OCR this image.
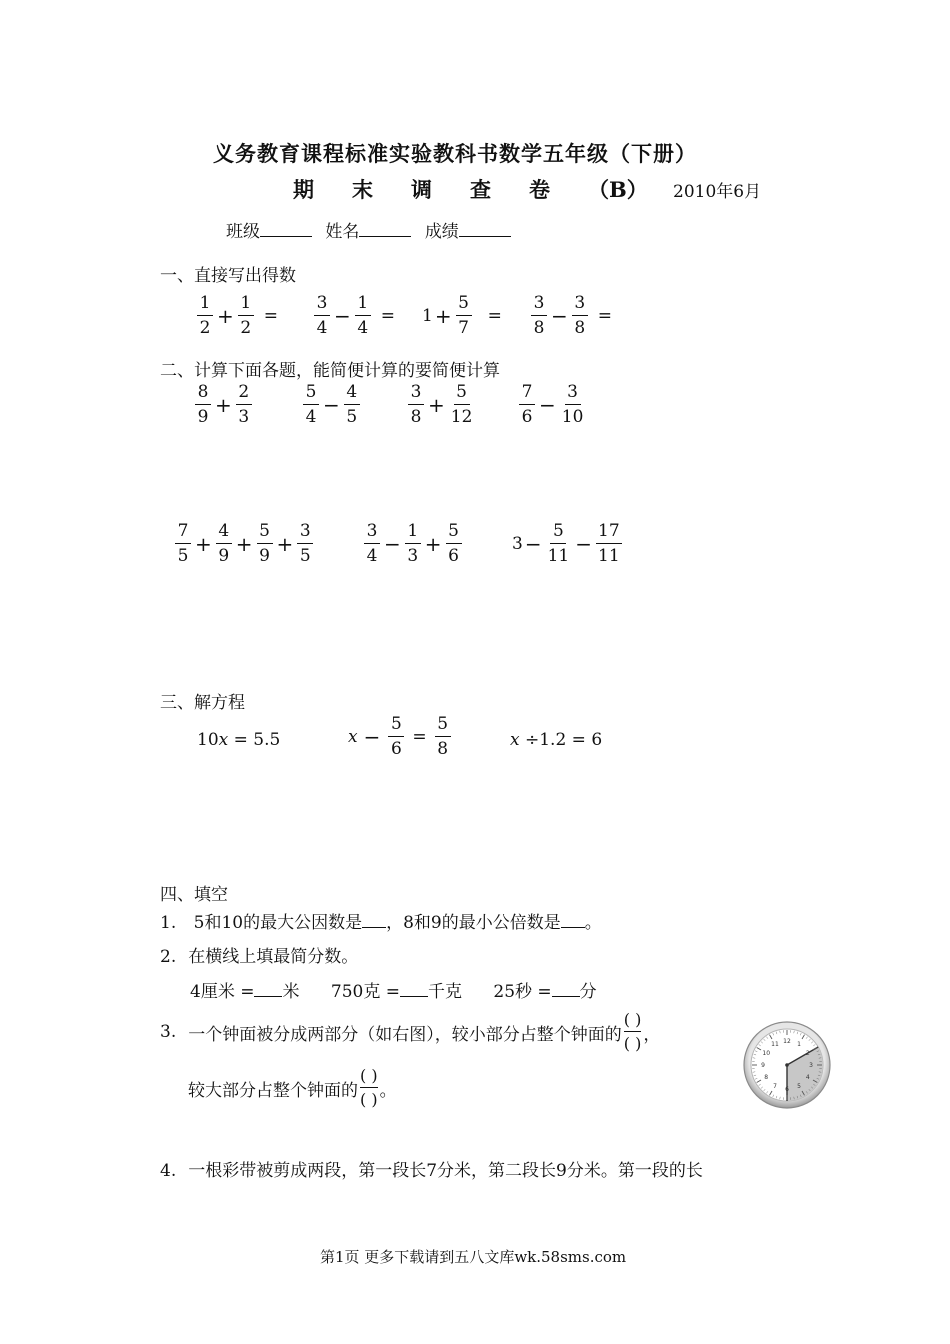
义务教育课程标准实验教科书数学五年级（下册）
期 末 调 查 卷 （B） 2010年6月
班级	姓名	成绩
一、直接写出得数
$\frac{1}{2} + \frac{1}{2} = \frac{3}{4} - \frac{1}{4} = 1 + \frac{5}{7} = \frac{3}{8} - \frac{3}{8}$ =
二、计算下面各题，能简便计算的要简便计算
$\frac{8}{9} + \frac{2}{3}$	$\frac{5}{4} - \frac{4}{5}$	$\frac{3}{8} + \frac{5}{12}$	$\frac{7}{6} - \frac{3}{10}$
$\frac{7}{5} + \frac{4}{9} + \frac{5}{9} + \frac{3}{5}$	$\frac{3}{4} - \frac{1}{3} + \frac{5}{6}$	$3 - \frac{5}{11} - \frac{17}{11}$
三、解方程
10x = 5.5	$x - \frac{5}{6} = \frac{5}{8}$	x ÷1.2 = 6
四、填空
1. 5和10的最大公因数是 ，8和9的最小公倍数是 。
2. 在横线上填最简分数。
4厘米 = 米 750克 = 千克 25秒 = 分
3. 一个钟面被分成两部分（如右图），较小部分占整个钟面的 $\frac{( )}{( )}$ ，
较大部分占整个钟面的 $\frac{( )}{( )}$ 。
12 1
2
3
4
5
6
7
8
9
10
11
4. 一根彩带被剪成两段，第一段长7分米，第二段长9分米。第一段的长
第1页 更多下载请到五八文库wk.58sms.com
